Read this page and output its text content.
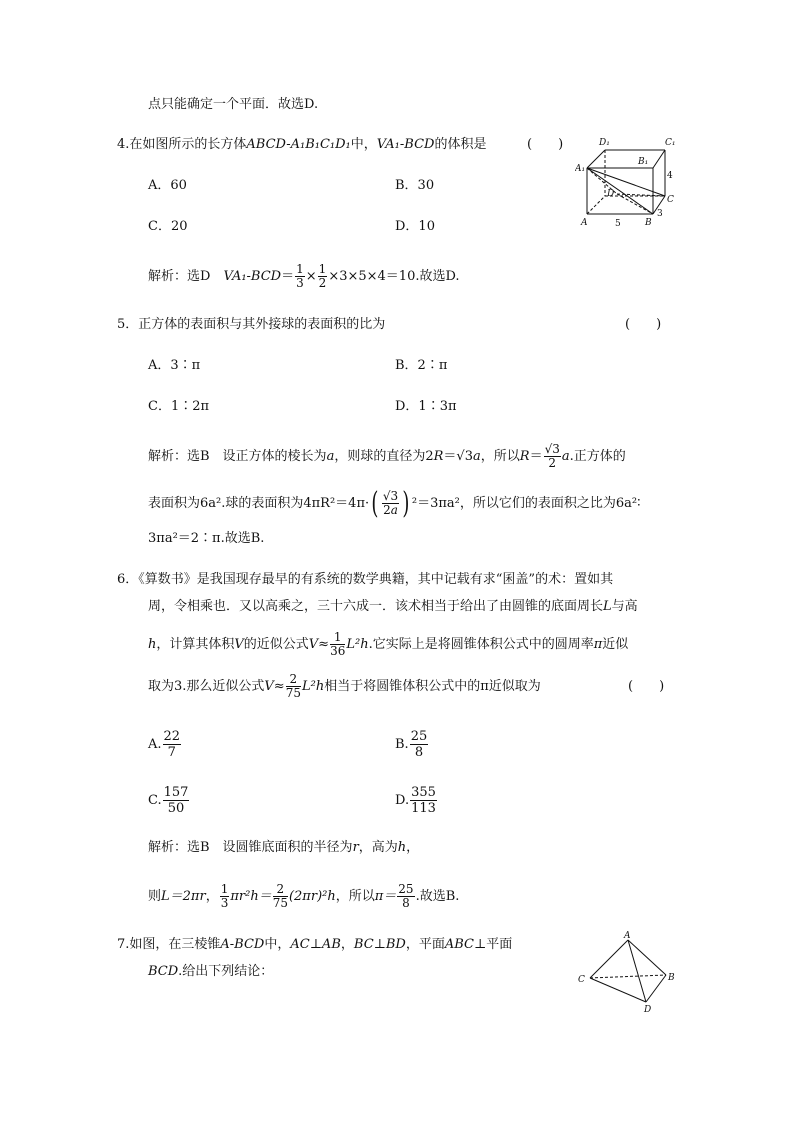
点只能确定一个平面．故选D.
4.在如图所示的长方体ABCD-A₁B₁C₁D₁中，VA₁-BCD的体积是	(　　)	D₁	C₁
A₁
B₁
D
C
A	B
4
5
3
A．60	B．30
C．20	D．10
解析：选D　$VA_1-BCD= \frac{1}{3} \times \frac{1}{2} \times 3\times 5\times 4=10$.故选D.
5．正方体的表面积与其外接球的表面积的比为	(　　)
A．3∶π	B．2∶π
C．1∶2π	D．1∶3π
解析：选B　设正方体的棱长为a，则球的直径为2R＝√3a，所以$R= \frac{√3}{2} a$.正方体的
表面积为6a².球的表面积为$4\pi R^2=4\pi\cdot( \frac{√3}{2a}$ ) ²＝3πa²，所以它们的表面积之比为6a²∶
3πa²＝2∶π.故选B.
6．《算数书》是我国现存最早的有系统的数学典籍，其中记载有求“囷盖”的术：置如其
周，令相乘也．又以高乘之，三十六成一．该术相当于给出了由圆锥的底面周长L与高
h，计算其体积V的近似公式$V\approx \frac{1}{36} L^2h$.它实际上是将圆锥体积公式中的圆周率π近似
取为3.那么近似公式$V\approx \frac{2}{75} L^2h$相当于将圆锥体积公式中的π近似取为	(　　)
A. $\frac{22}{7}$	B. $\frac{25}{8}$
C. $\frac{157}{50}$	D. $\frac{355}{113}$
解析：选B　设圆锥底面积的半径为r，高为h，
则L＝2πr， $\frac{1}{3} \pi r^2h= \frac{2}{75} (2\pi r)^2h$，所以$\pi= \frac{25}{8}$ .故选B.
7.如图，在三棱锥A-BCD中，AC⊥AB，BC⊥BD，平面ABC⊥平面
BCD.给出下列结论：
A
B
C
D
